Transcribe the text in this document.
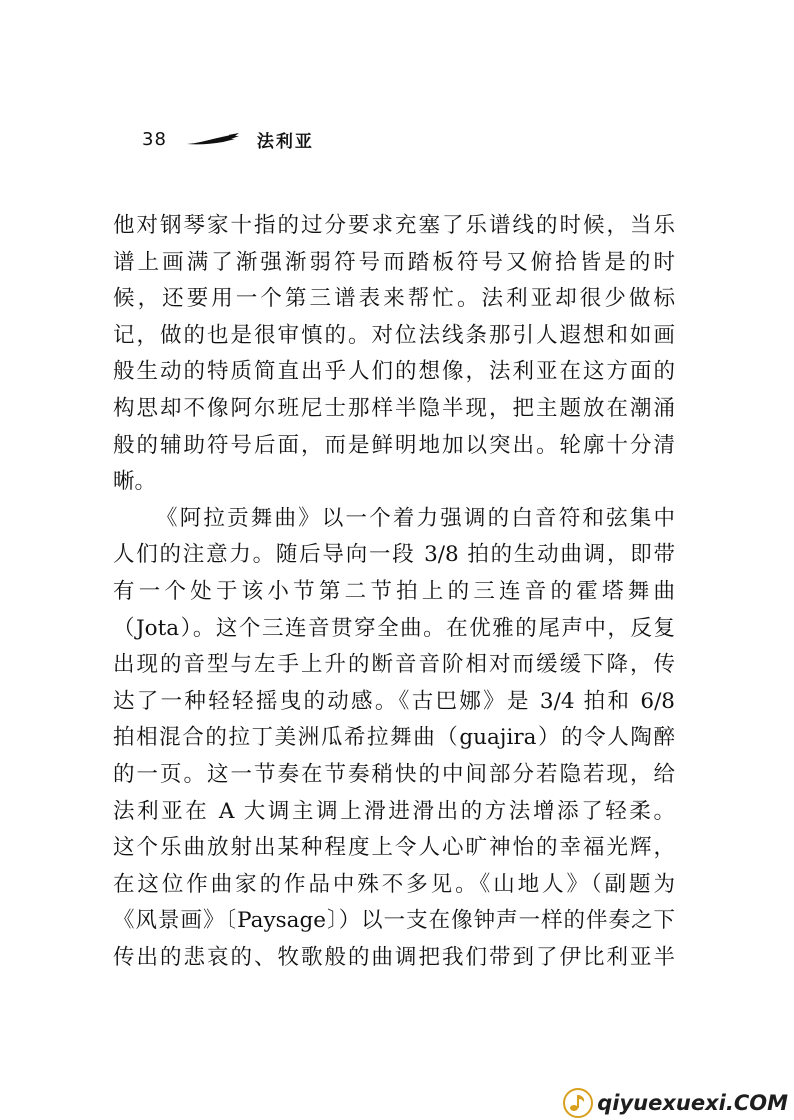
38	法利亚
他对钢琴家十指的过分要求充塞了乐谱线的时候，当乐
谱上画满了渐强渐弱符号而踏板符号又俯拾皆是的时
候，还要用一个第三谱表来帮忙。法利亚却很少做标
记，做的也是很审慎的。对位法线条那引人遐想和如画
般生动的特质简直出乎人们的想像，法利亚在这方面的
构思却不像阿尔班尼士那样半隐半现，把主题放在潮涌
般的辅助符号后面，而是鲜明地加以突出。轮廓十分清
晰。
《阿拉贡舞曲》以一个着力强调的白音符和弦集中
人们的注意力。随后导向一段 3/8 拍的生动曲调，即带
有一个处于该小节第二节拍上的三连音的霍塔舞曲
（Jota）。这个三连音贯穿全曲。在优雅的尾声中，反复
出现的音型与左手上升的断音音阶相对而缓缓下降，传
达了一种轻轻摇曳的动感。《古巴娜》是 3/4 拍和 6/8
拍相混合的拉丁美洲瓜希拉舞曲（guajira）的令人陶醉
的一页。这一节奏在节奏稍快的中间部分若隐若现，给
法利亚在 A 大调主调上滑进滑出的方法增添了轻柔。
这个乐曲放射出某种程度上令人心旷神怡的幸福光辉，
在这位作曲家的作品中殊不多见。《山地人》（副题为
《风景画》〔Paysage〕）以一支在像钟声一样的伴奏之下
传出的悲哀的、牧歌般的曲调把我们带到了伊比利亚半
qiyuexuexi.COM
